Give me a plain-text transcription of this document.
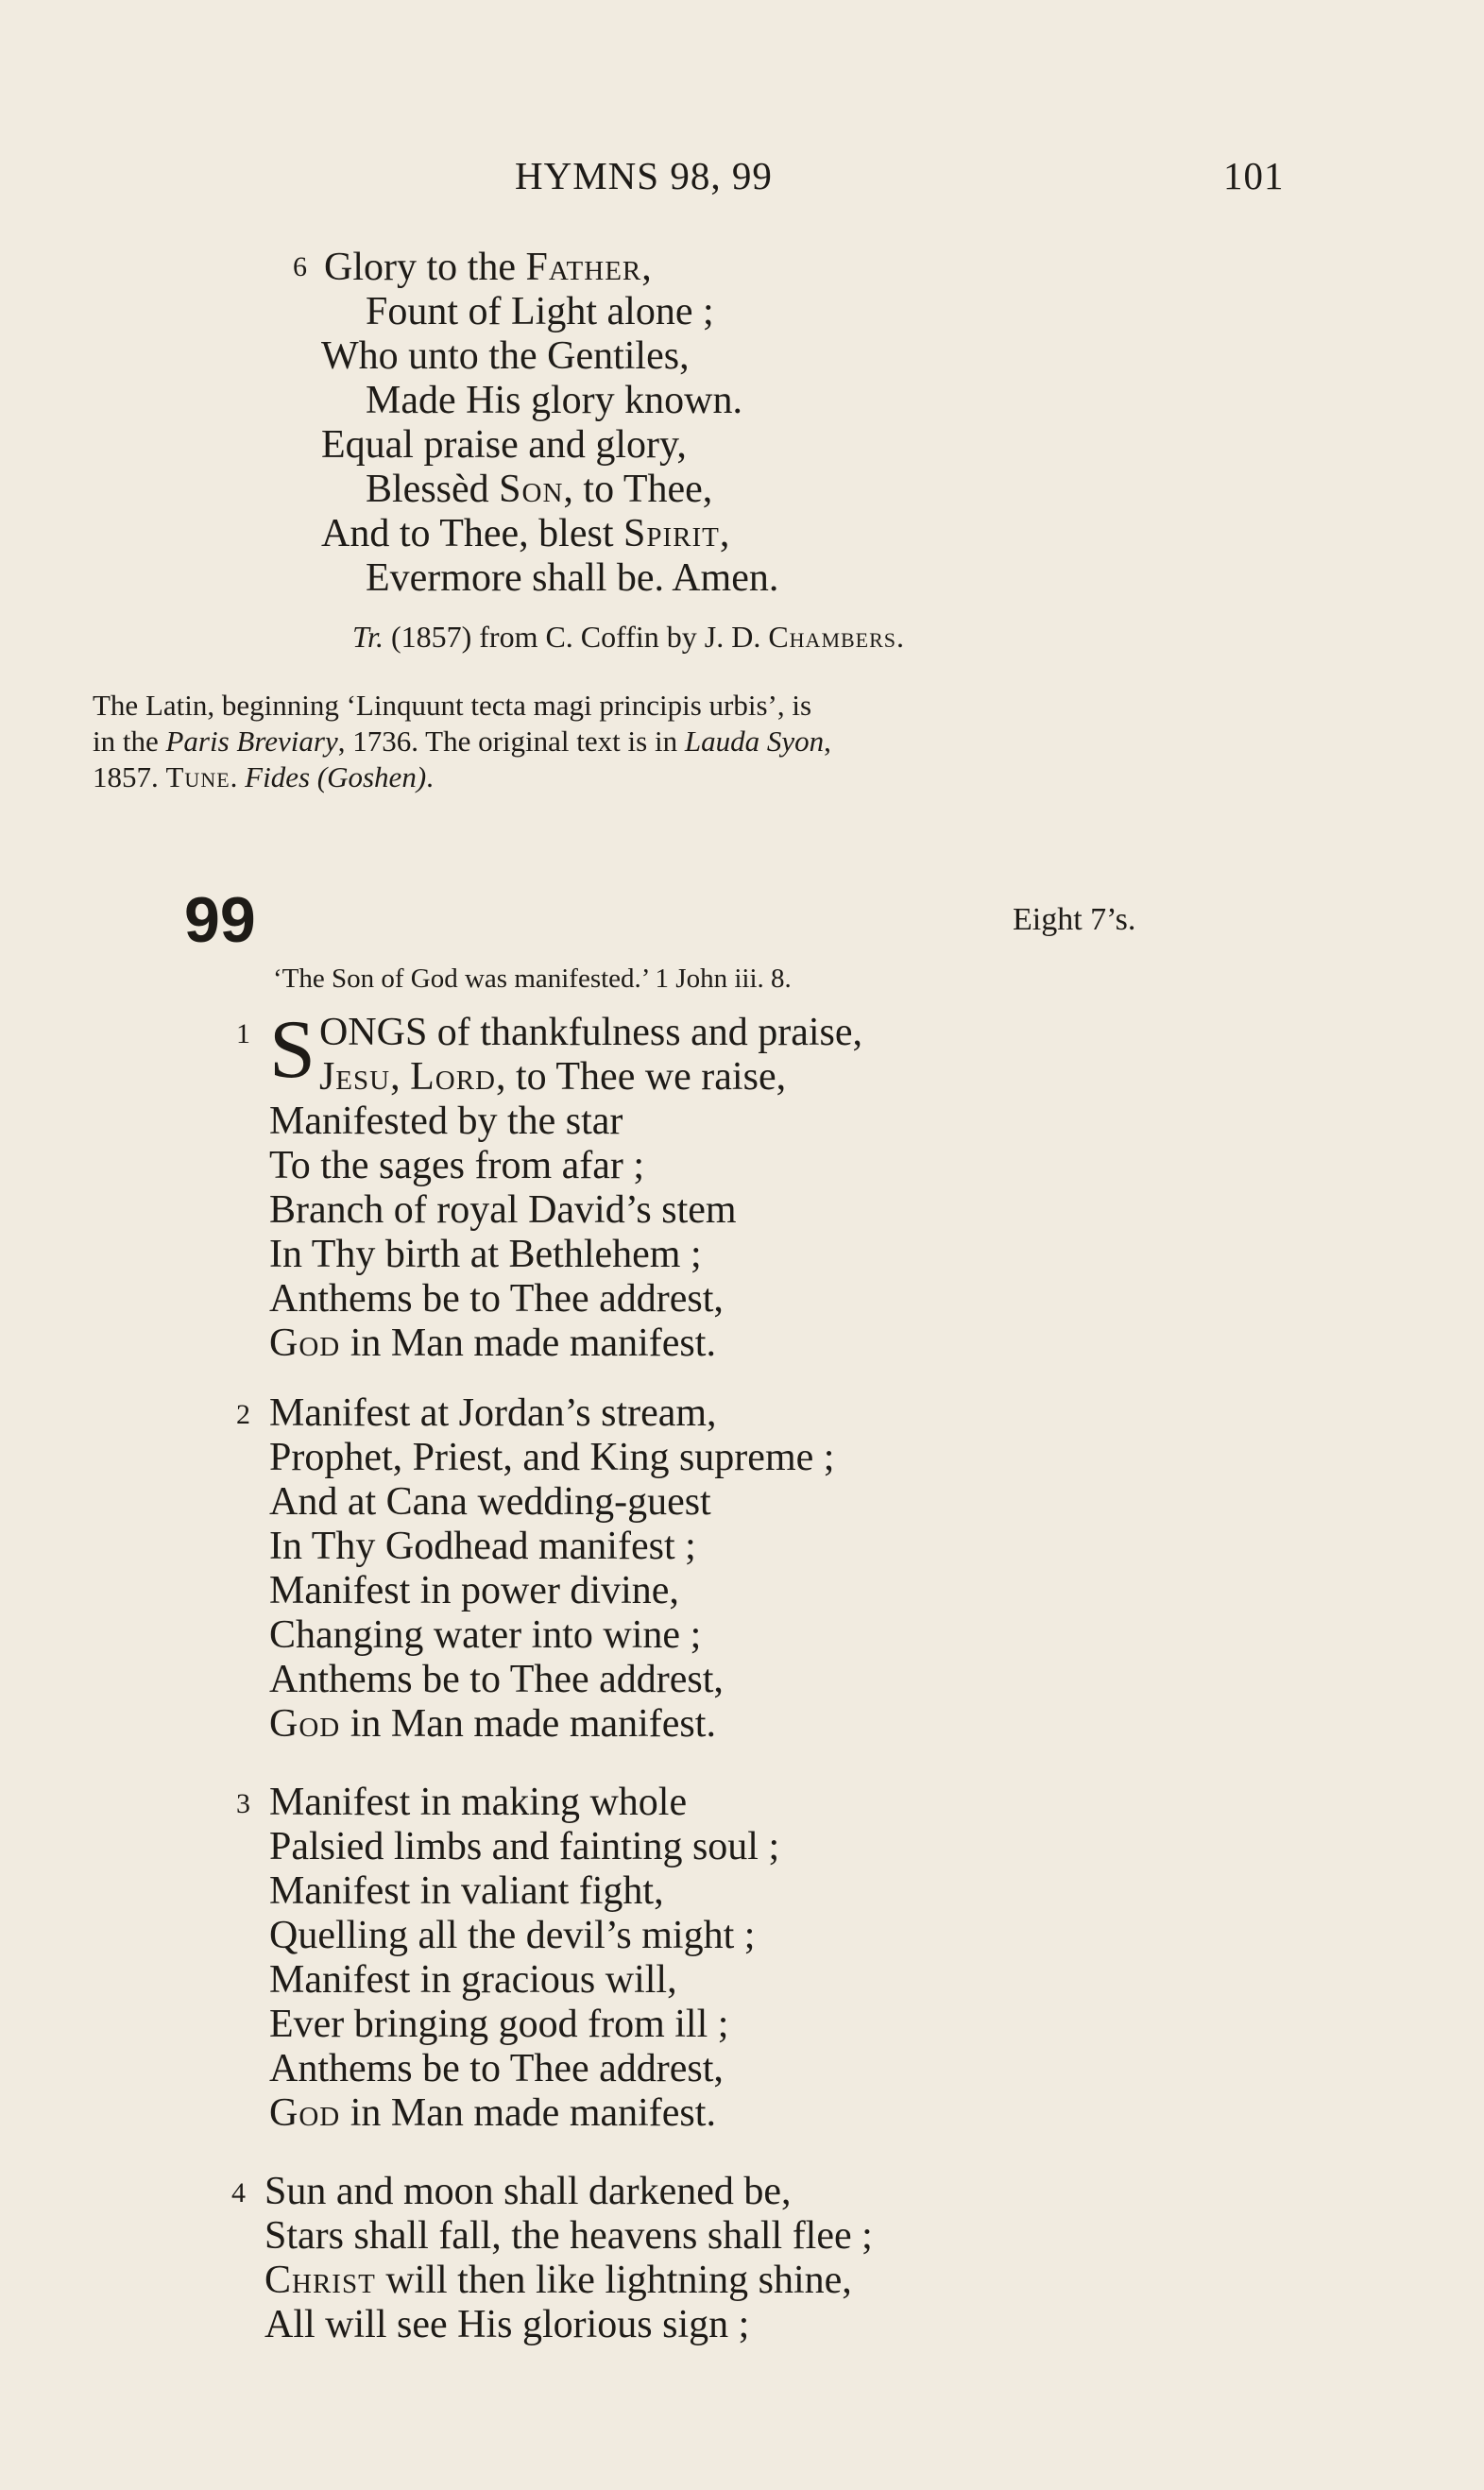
HYMNS 98, 99	101
6 Glory to the Father,
Fount of Light alone ;
Who unto the Gentiles,
Made His glory known.
Equal praise and glory,
Blessèd Son, to Thee,
And to Thee, blest Spirit,
Evermore shall be. Amen.
Tr. (1857) from C. Coffin by J. D. Chambers.
The Latin, beginning ‘Linquunt tecta magi principis urbis’, is
in the Paris Breviary, 1736. The original text is in Lauda Syon,
1857. Tune. Fides (Goshen).
99	Eight 7’s.
‘The Son of God was manifested.’ 1 John iii. 8.
1 S ONGS of thankfulness and praise,
Jesu, Lord, to Thee we raise,
Manifested by the star
To the sages from afar ;
Branch of royal David’s stem
In Thy birth at Bethlehem ;
Anthems be to Thee addrest,
God in Man made manifest.
2 Manifest at Jordan’s stream,
Prophet, Priest, and King supreme ;
And at Cana wedding-guest
In Thy Godhead manifest ;
Manifest in power divine,
Changing water into wine ;
Anthems be to Thee addrest,
God in Man made manifest.
3 Manifest in making whole
Palsied limbs and fainting soul ;
Manifest in valiant fight,
Quelling all the devil’s might ;
Manifest in gracious will,
Ever bringing good from ill ;
Anthems be to Thee addrest,
God in Man made manifest.
4 Sun and moon shall darkened be,
Stars shall fall, the heavens shall flee ;
Christ will then like lightning shine,
All will see His glorious sign ;
